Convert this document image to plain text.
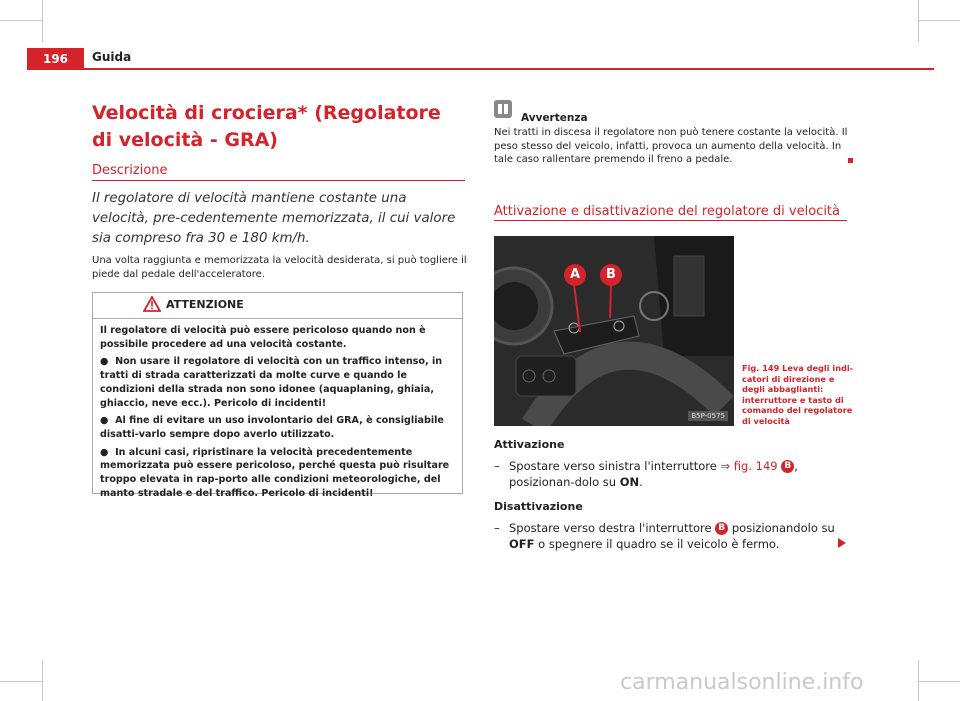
196	Guida
Velocità di crociera* (Regolatore di velocità - GRA)
Descrizione
Il regolatore di velocità mantiene costante una velocità, pre-cedentemente memorizzata, il cui valore sia compreso fra 30 e 180 km/h.
Una volta raggiunta e memorizzata la velocità desiderata, si può togliere il piede dal pedale dell'acceleratore.
ATTENZIONE

Il regolatore di velocità può essere pericoloso quando non è possibile procedere ad una velocità costante.

● Non usare il regolatore di velocità con un traffico intenso, in tratti di strada caratterizzati da molte curve e quando le condizioni della strada non sono idonee (aquaplaning, ghiaia, ghiaccio, neve ecc.). Pericolo di incidenti!

● Al fine di evitare un uso involontario del GRA, è consigliabile disatti-varlo sempre dopo averlo utilizzato.

● In alcuni casi, ripristinare la velocità precedentemente memorizzata può essere pericoloso, perché questa può risultare troppo elevata in rap-porto alle condizioni meteorologiche, del manto stradale e del traffico. Pericolo di incidenti!

Avvertenza
Nei tratti in discesa il regolatore non può tenere costante la velocità. Il peso stesso del veicolo, infatti, provoca un aumento della velocità. In tale caso rallentare premendo il freno a pedale.
Attivazione e disattivazione del regolatore di velocità
A	B
B5P-0575
Fig. 149 Leva degli indi-catori di direzione e degli abbaglianti: interruttore e tasto di comando del regolatore di velocità
Attivazione
– Spostare verso sinistra l'interruttore ⇒ fig. 149 B , posizionan-dolo su ON.
Disattivazione
– Spostare verso destra l'interruttore B posizionandolo su OFF o spegnere il quadro se il veicolo è fermo.
carmanualsonline.info
